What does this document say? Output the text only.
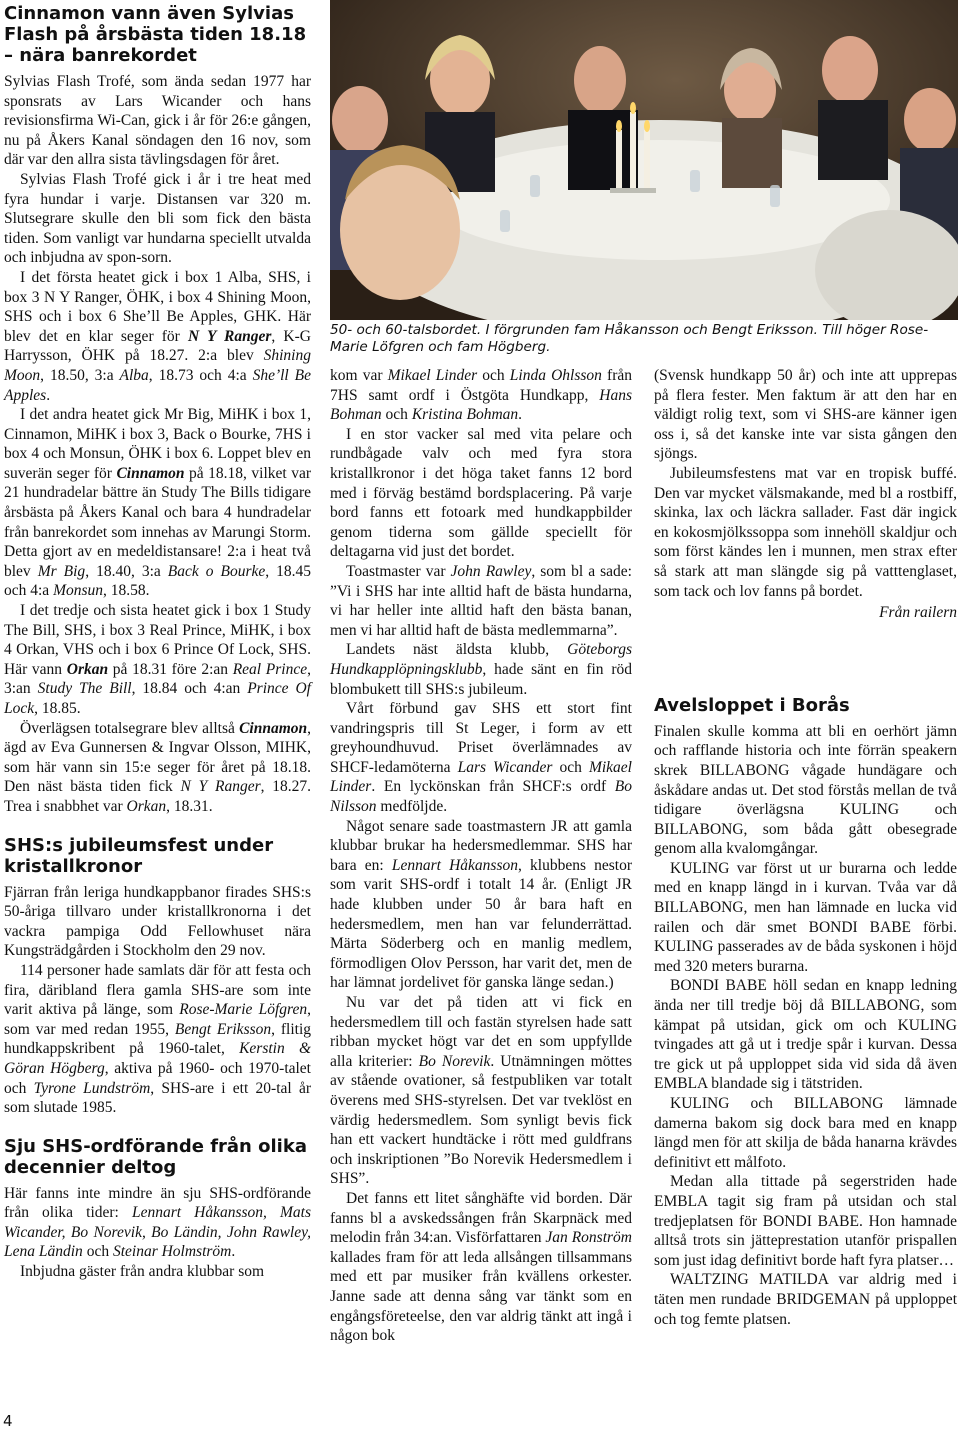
Cinnamon vann även Sylvias Flash på årsbästa tiden 18.18 – nära banrekordet

Sylvias Flash Trofé, som ända sedan 1977 har sponsrats av Lars Wicander och hans revisionsfirma Wi-Can, gick i år för 26:e gången, nu på Åkers Kanal söndagen den 16 nov, som där var den allra sista tävlingsdagen för året.

Sylvias Flash Trofé gick i år i tre heat med fyra hundar i varje. Distansen var 320 m. Slutsegrare skulle den bli som fick den bästa tiden. Som vanligt var hundarna speciellt utvalda och inbjudna av spon-sorn.

I det första heatet gick i box 1 Alba, SHS, i box 3 N Y Ranger, ÖHK, i box 4 Shining Moon, SHS och i box 6 She’ll Be Apples, GHK. Här blev det en klar seger för N Y Ranger, K-G Harrysson, ÖHK på 18.27. 2:a blev Shining Moon, 18.50, 3:a Alba, 18.73 och 4:a She’ll Be Apples.

I det andra heatet gick Mr Big, MiHK i box 1, Cinnamon, MiHK i box 3, Back o Bourke, 7HS i box 4 och Monsun, ÖHK i box 6. Loppet blev en suverän seger för Cinnamon på 18.18, vilket var 21 hundradelar bättre än Study The Bills tidigare årsbästa på Åkers Kanal och bara 4 hundradelar från banrekordet som innehas av Marungi Storm. Detta gjort av en medeldistansare! 2:a i heat två blev Mr Big, 18.40, 3:a Back o Bourke, 18.45 och 4:a Monsun, 18.58.

I det tredje och sista heatet gick i box 1 Study The Bill, SHS, i box 3 Real Prince, MiHK, i box 4 Orkan, VHS och i box 6 Prince Of Lock, SHS. Här vann Orkan på 18.31 före 2:an Real Prince, 3:an Study The Bill, 18.84 och 4:an Prince Of Lock, 18.85.

Överlägsen totalsegrare blev alltså Cinnamon, ägd av Eva Gunnersen & Ingvar Olsson, MIHK, som här vann sin 15:e seger för året på 18.18. Den näst bästa tiden fick N Y Ranger, 18.27. Trea i snabbhet var Orkan, 18.31.

SHS:s jubileumsfest under kristallkronor

Fjärran från leriga hundkappbanor firades SHS:s 50-åriga tillvaro under kristallkronorna i det vackra pampiga Odd Fellowhuset nära Kungsträdgården i Stockholm den 29 nov.

114 personer hade samlats där för att festa och fira, däribland flera gamla SHS-are som inte varit aktiva på länge, som Rose-Marie Löfgren, som var med redan 1955, Bengt Eriksson, flitig hundkappskribent på 1960-talet, Kerstin & Göran Högberg, aktiva på 1960- och 1970-talet och Tyrone Lundström, SHS-are i ett 20-tal år som slutade 1985.

Sju SHS-ordförande från olika decennier deltog

Här fanns inte mindre än sju SHS-ordförande från olika tider: Lennart Håkansson, Mats Wicander, Bo Norevik, Bo Ländin, John Rawley, Lena Ländin och Steinar Holmström.

Inbjudna gäster från andra klubbar som

50- och 60-talsbordet. I förgrunden fam Håkansson och Bengt Eriksson. Till höger Rose-Marie Löfgren och fam Högberg.

kom var Mikael Linder och Linda Ohlsson från 7HS samt ordf i Östgöta Hundkapp, Hans Bohman och Kristina Bohman.

I en stor vacker sal med vita pelare och rundbågade valv och med fyra stora kristallkronor i det höga taket fanns 12 bord med i förväg bestämd bordsplacering. På varje bord fanns ett fotoark med hundkappbilder genom tiderna som gällde speciellt för deltagarna vid just det bordet.

Toastmaster var John Rawley, som bl a sade: ”Vi i SHS har inte alltid haft de bästa hundarna, vi har heller inte alltid haft den bästa banan, men vi har alltid haft de bästa medlemmarna”.

Landets näst äldsta klubb, Göteborgs Hundkapplöpningsklubb, hade sänt en fin röd blombukett till SHS:s jubileum.

Vårt förbund gav SHS ett stort fint vandringspris till St Leger, i form av ett greyhoundhuvud. Priset överlämnades av SHCF-ledamöterna Lars Wicander och Mikael Linder. En lyckönskan från SHCF:s ordf Bo Nilsson medföljde.

Något senare sade toastmastern JR att gamla klubbar brukar ha hedersmedlemmar. SHS har bara en: Lennart Håkansson, klubbens nestor som varit SHS-ordf i totalt 14 år. (Enligt JR hade klubben under 50 år bara haft en hedersmedlem, men han var felunderrättad. Märta Söderberg och en manlig medlem, förmodligen Olov Persson, har varit det, men de har lämnat jordelivet för ganska länge sedan.)

Nu var det på tiden att vi fick en hedersmedlem till och fastän styrelsen hade satt ribban mycket högt var det en som uppfyllde alla kriterier: Bo Norevik. Utnämningen möttes av stående ovationer, så festpubliken var totalt överens med SHS-styrelsen. Det var tveklöst en värdig hedersmedlem. Som synligt bevis fick han ett vackert hundtäcke i rött med guldfrans och inskriptionen ”Bo Norevik Hedersmedlem i SHS”.

Det fanns ett litet sånghäfte vid borden. Där fanns bl a avskedssången från Skarpnäck med melodin från 34:an. Visförfattaren Jan Ronström kallades fram för att leda allsången tillsammans med ett par musiker från kvällens orkester. Janne sade att denna sång var tänkt som en engångsföreteelse, den var aldrig tänkt att ingå i någon bok

(Svensk hundkapp 50 år) och inte att upprepas på flera fester. Men faktum är att den har en väldigt rolig text, som vi SHS-are känner igen oss i, så det kanske inte var sista gången den sjöngs.

Jubileumsfestens mat var en tropisk buffé. Den var mycket välsmakande, med bl a rostbiff, skinka, lax och läckra sallader. Fast där ingick en kokosmjölkssoppa som innehöll skaldjur och som först kändes len i munnen, men strax efter så stark att man slängde sig på vatttenglaset, som tack och lov fanns på bordet.

Från railern

Avelsloppet i Borås

Finalen skulle komma att bli en oerhört jämn och rafflande historia och inte förrän speakern skrek BILLABONG vågade hundägare och åskådare andas ut. Det stod förstås mellan de två tidigare överlägsna KULING och BILLABONG, som båda gått obesegrade genom alla kvalomgångar.

KULING var först ut ur burarna och ledde med en knapp längd in i kurvan. Tvåa var då BILLABONG, men han lämnade en lucka vid railen och där smet BONDI BABE förbi. KULING passerades av de båda syskonen i höjd med 320 meters burarna.

BONDI BABE höll sedan en knapp ledning ända ner till tredje böj då BILLABONG, som kämpat på utsidan, gick om och KULING tvingades att gå ut i tredje spår i kurvan. Dessa tre gick ut på upploppet sida vid sida då även EMBLA blandade sig i tätstriden.

KULING och BILLABONG lämnade damerna bakom sig dock bara med en knapp längd men för att skilja de båda hanarna krävdes definitivt ett målfoto.

Medan alla tittade på segerstriden hade EMBLA tagit sig fram på utsidan och stal tredjeplatsen för BONDI BABE. Hon hamnade alltså trots sin jätteprestation utanför prispallen som just idag definitivt borde haft fyra platser…

WALTZING MATILDA var aldrig med i täten men rundade BRIDGEMAN på upploppet och tog femte platsen.

4
